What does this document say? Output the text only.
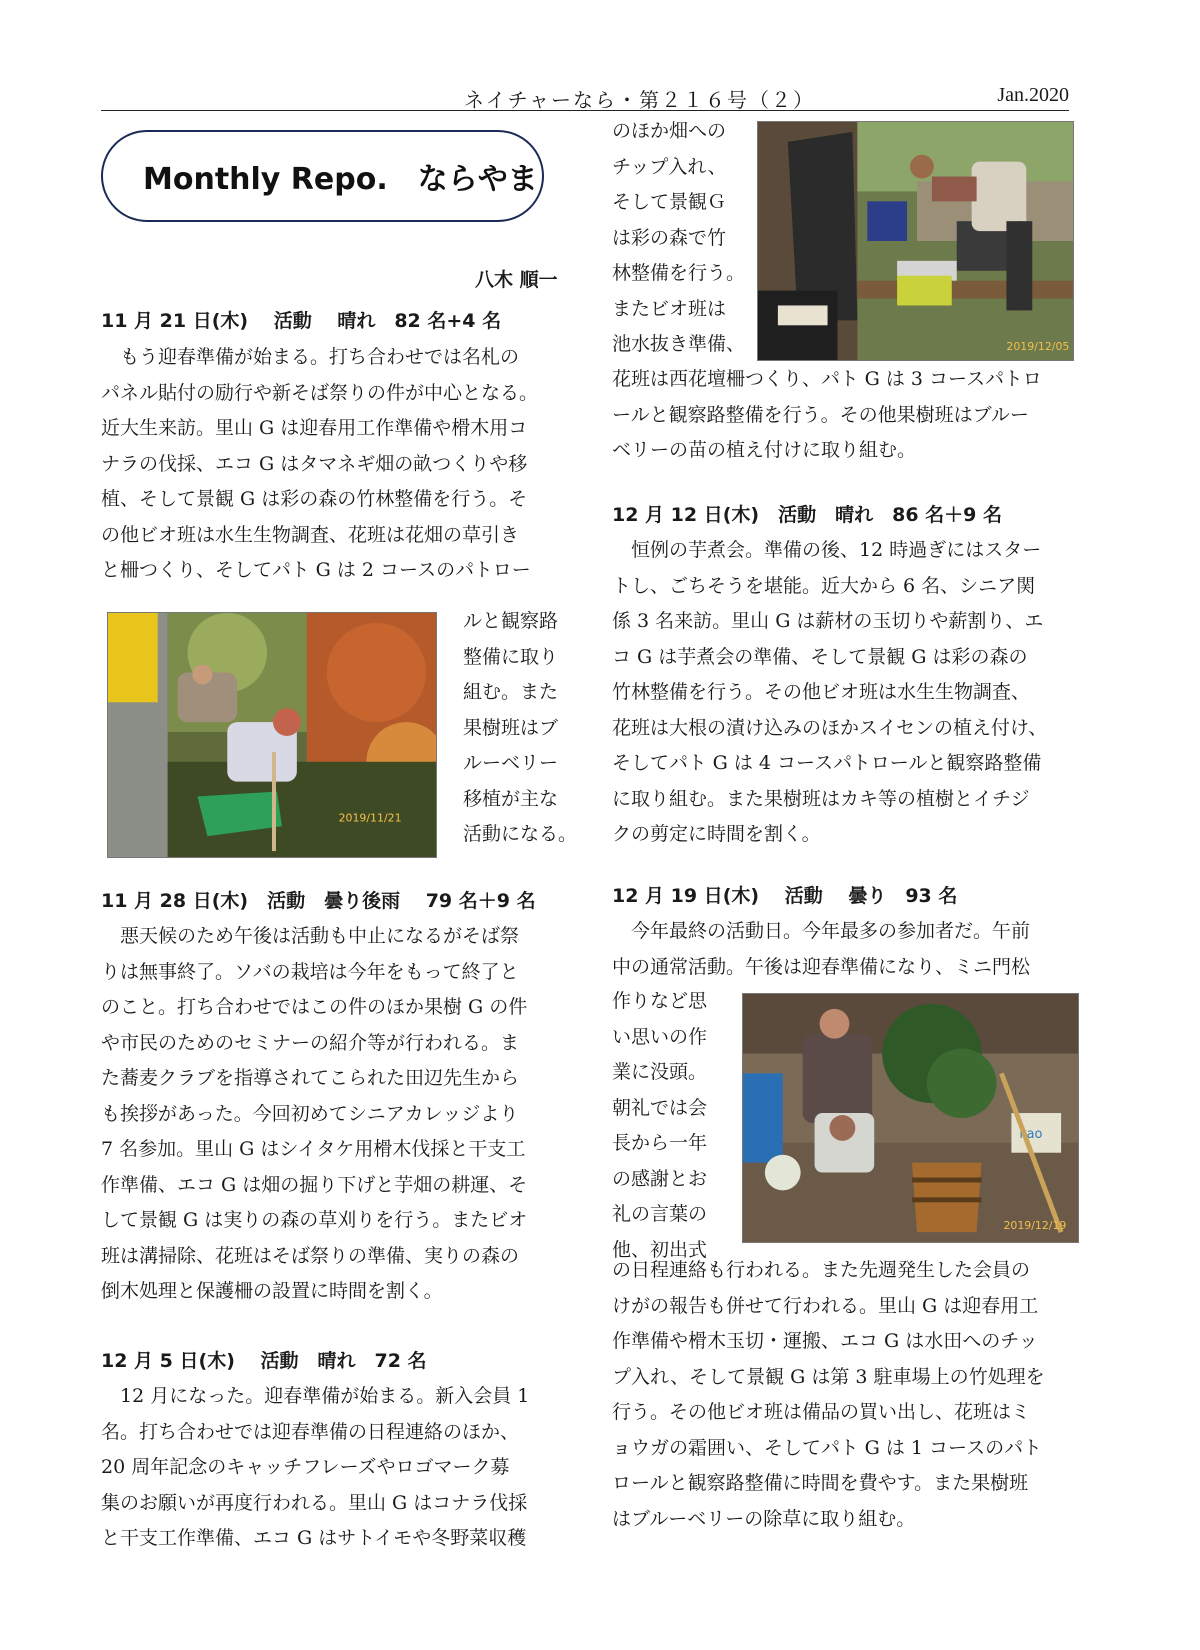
ネイチャーなら・第２１６号（２）	Jan.2020
Monthly Repo.　ならやま
八木 順一
11 月 21 日(木)　 活動　 晴れ　82 名+4 名
　もう迎春準備が始まる。打ち合わせでは名札の
パネル貼付の励行や新そば祭りの件が中心となる。
近大生来訪。里山 G は迎春用工作準備や榾木用コ
ナラの伐採、エコ G はタマネギ畑の畝つくりや移
植、そして景観 G は彩の森の竹林整備を行う。そ
の他ビオ班は水生生物調査、花班は花畑の草引き
と柵つくり、そしてパト G は 2 コースのパトロー
2019/11/21
ルと観察路
整備に取り
組む。また
果樹班はブ
ルーベリー
移植が主な
活動になる。
11 月 28 日(木)　活動　曇り後雨　 79 名＋9 名
　悪天候のため午後は活動も中止になるがそば祭
りは無事終了。ソバの栽培は今年をもって終了と
のこと。打ち合わせではこの件のほか果樹 G の件
や市民のためのセミナーの紹介等が行われる。ま
た蕎麦クラブを指導されてこられた田辺先生から
も挨拶があった。今回初めてシニアカレッジより
7 名参加。里山 G はシイタケ用榾木伐採と干支工
作準備、エコ G は畑の掘り下げと芋畑の耕運、そ
して景観 G は実りの森の草刈りを行う。またビオ
班は溝掃除、花班はそば祭りの準備、実りの森の
倒木処理と保護柵の設置に時間を割く。
12 月 5 日(木)　 活動　晴れ　72 名
　12 月になった。迎春準備が始まる。新入会員 1
名。打ち合わせでは迎春準備の日程連絡のほか、
20 周年記念のキャッチフレーズやロゴマーク募
集のお願いが再度行われる。里山 G はコナラ伐採
と干支工作準備、エコ G はサトイモや冬野菜収穫
のほか畑への
チップ入れ、
そして景観Ｇ
は彩の森で竹
林整備を行う。
またビオ班は
池水抜き準備、	2019/12/05
花班は西花壇柵つくり、パト G は 3 コースパトロ
ールと観察路整備を行う。その他果樹班はブルー
ベリーの苗の植え付けに取り組む。
12 月 12 日(木)　活動　晴れ　86 名＋9 名
　恒例の芋煮会。準備の後、12 時過ぎにはスター
トし、ごちそうを堪能。近大から 6 名、シニア関
係 3 名来訪。里山 G は薪材の玉切りや薪割り、エ
コ G は芋煮会の準備、そして景観 G は彩の森の
竹林整備を行う。その他ビオ班は水生生物調査、
花班は大根の漬け込みのほかスイセンの植え付け、
そしてパト G は 4 コースパトロールと観察路整備
に取り組む。また果樹班はカキ等の植樹とイチジ
クの剪定に時間を割く。
12 月 19 日(木)　 活動　 曇り　93 名
　今年最終の活動日。今年最多の参加者だ。午前
中の通常活動。午後は迎春準備になり、ミニ門松
作りなど思
い思いの作
業に没頭。
朝礼では会
長から一年
の感謝とお
礼の言葉の
他、初出式
kao
2019/12/19
の日程連絡も行われる。また先週発生した会員の
けがの報告も併せて行われる。里山 G は迎春用工
作準備や榾木玉切・運搬、エコ G は水田へのチッ
プ入れ、そして景観 G は第 3 駐車場上の竹処理を
行う。その他ビオ班は備品の買い出し、花班はミ
ョウガの霜囲い、そしてパト G は 1 コースのパト
ロールと観察路整備に時間を費やす。また果樹班
はブルーベリーの除草に取り組む。
